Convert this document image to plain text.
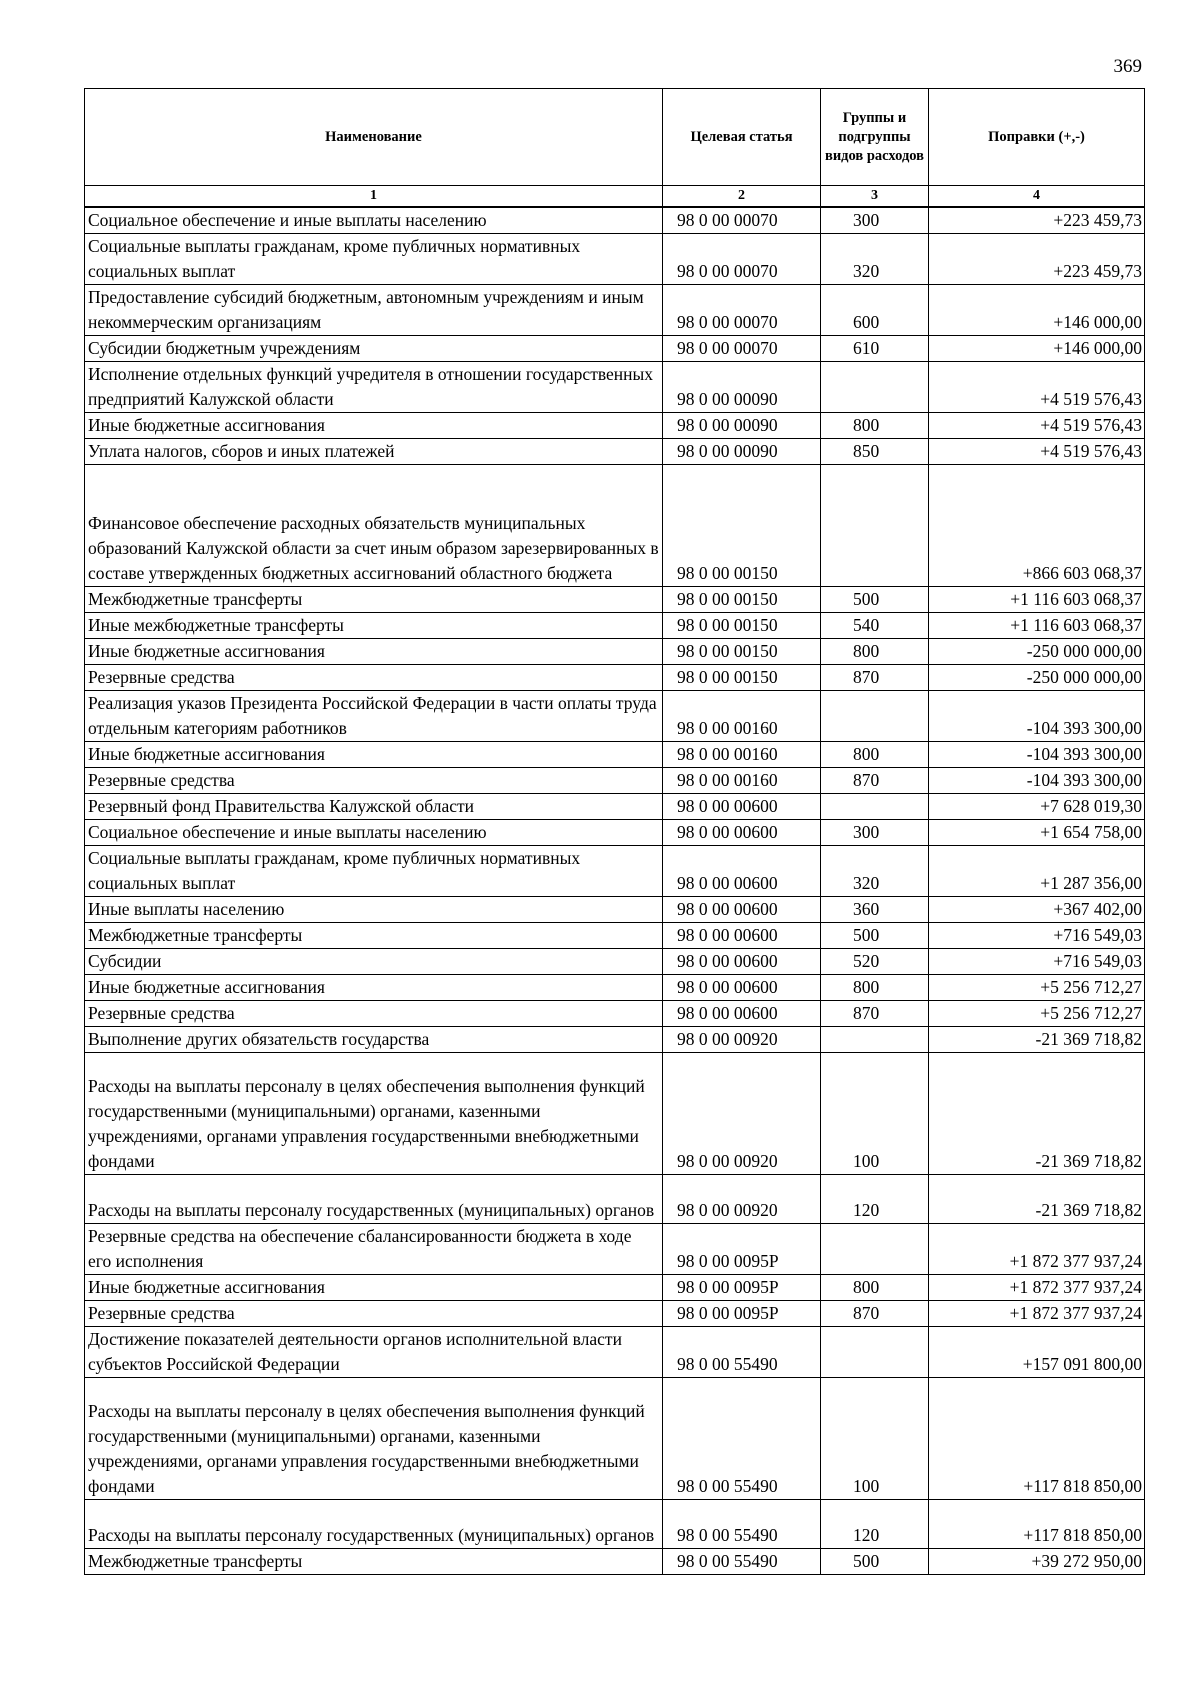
369
Наименование	Целевая статья	Группы и подгруппы видов расходов	Поправки (+,-)
1	2	3	4
Социальное обеспечение и иные выплаты населению	98 0 00 00070	300	+223 459,73
Социальные выплаты гражданам, кроме публичных нормативных социальных выплат	98 0 00 00070	320	+223 459,73
Предоставление субсидий бюджетным, автономным учреждениям и иным некоммерческим организациям	98 0 00 00070	600	+146 000,00
Субсидии бюджетным учреждениям	98 0 00 00070	610	+146 000,00
Исполнение отдельных функций учредителя в отношении государственных предприятий Калужской области	98 0 00 00090		+4 519 576,43
Иные бюджетные ассигнования	98 0 00 00090	800	+4 519 576,43
Уплата налогов, сборов и иных платежей	98 0 00 00090	850	+4 519 576,43
Финансовое обеспечение расходных обязательств муниципальных образований Калужской области за счет иным образом зарезервированных в составе утвержденных бюджетных ассигнований областного бюджета	98 0 00 00150		+866 603 068,37
Межбюджетные трансферты	98 0 00 00150	500	+1 116 603 068,37
Иные межбюджетные трансферты	98 0 00 00150	540	+1 116 603 068,37
Иные бюджетные ассигнования	98 0 00 00150	800	-250 000 000,00
Резервные средства	98 0 00 00150	870	-250 000 000,00
Реализация указов Президента Российской Федерации в части оплаты труда отдельным категориям работников	98 0 00 00160		-104 393 300,00
Иные бюджетные ассигнования	98 0 00 00160	800	-104 393 300,00
Резервные средства	98 0 00 00160	870	-104 393 300,00
Резервный фонд Правительства Калужской области	98 0 00 00600		+7 628 019,30
Социальное обеспечение и иные выплаты населению	98 0 00 00600	300	+1 654 758,00
Социальные выплаты гражданам, кроме публичных нормативных социальных выплат	98 0 00 00600	320	+1 287 356,00
Иные выплаты населению	98 0 00 00600	360	+367 402,00
Межбюджетные трансферты	98 0 00 00600	500	+716 549,03
Субсидии	98 0 00 00600	520	+716 549,03
Иные бюджетные ассигнования	98 0 00 00600	800	+5 256 712,27
Резервные средства	98 0 00 00600	870	+5 256 712,27
Выполнение других обязательств государства	98 0 00 00920		-21 369 718,82
Расходы на выплаты персоналу в целях обеспечения выполнения функций государственными (муниципальными) органами, казенными учреждениями, органами управления государственными внебюджетными фондами	98 0 00 00920	100	-21 369 718,82
Расходы на выплаты персоналу государственных (муниципальных) органов	98 0 00 00920	120	-21 369 718,82
Резервные средства на обеспечение сбалансированности бюджета в ходе его исполнения	98 0 00 0095P		+1 872 377 937,24
Иные бюджетные ассигнования	98 0 00 0095P	800	+1 872 377 937,24
Резервные средства	98 0 00 0095P	870	+1 872 377 937,24
Достижение показателей деятельности органов исполнительной власти субъектов Российской Федерации	98 0 00 55490		+157 091 800,00
Расходы на выплаты персоналу в целях обеспечения выполнения функций государственными (муниципальными) органами, казенными учреждениями, органами управления государственными внебюджетными фондами	98 0 00 55490	100	+117 818 850,00
Расходы на выплаты персоналу государственных (муниципальных) органов	98 0 00 55490	120	+117 818 850,00
Межбюджетные трансферты	98 0 00 55490	500	+39 272 950,00
